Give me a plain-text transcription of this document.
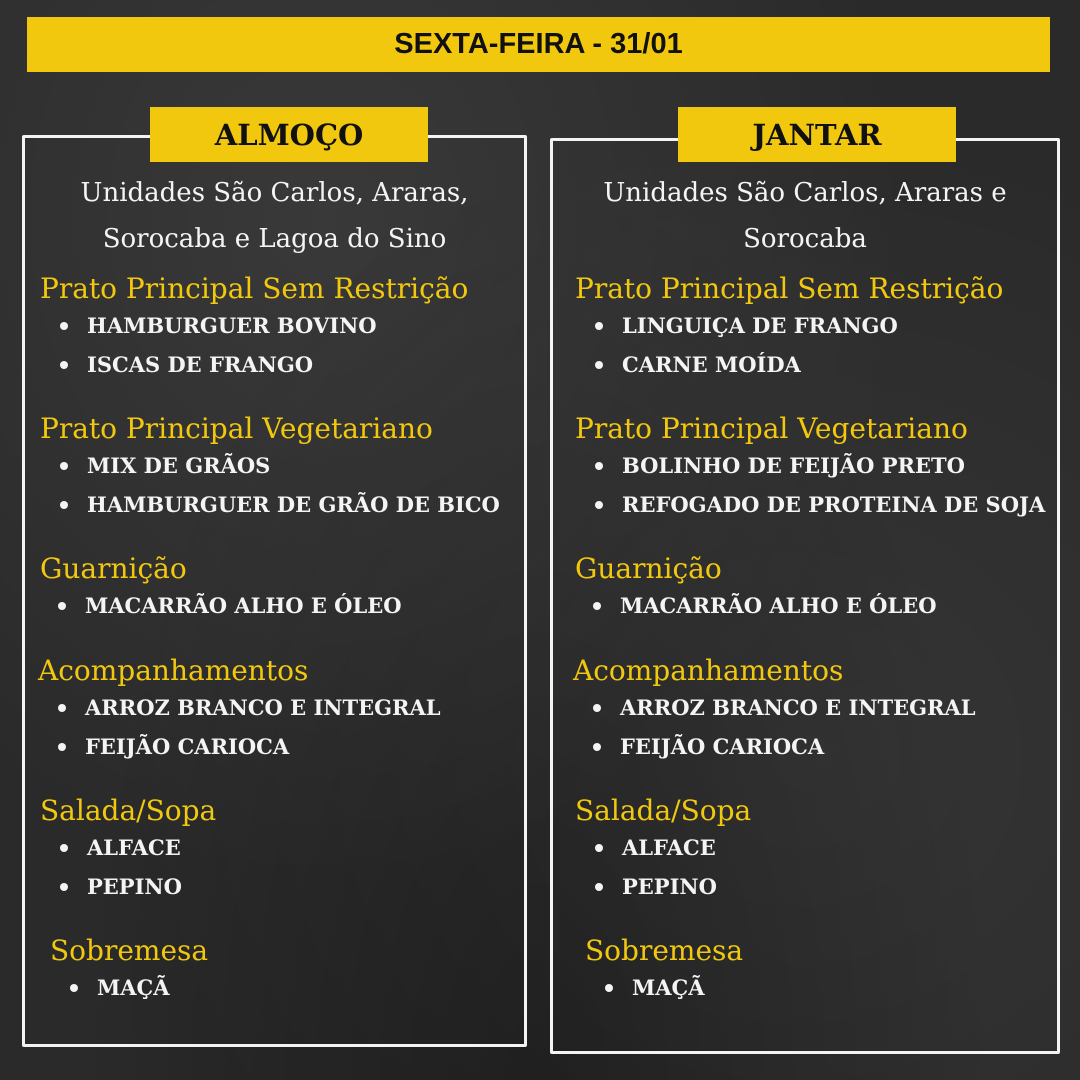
SEXTA-FEIRA - 31/01
ALMOÇO
Unidades São Carlos, Araras,
Sorocaba e Lagoa do Sino
Prato Principal Sem Restrição
HAMBURGUER BOVINO
ISCAS DE FRANGO
Prato Principal Vegetariano
MIX DE GRÃOS
HAMBURGUER DE GRÃO DE BICO
Guarnição
MACARRÃO ALHO E ÓLEO
Acompanhamentos
ARROZ BRANCO E INTEGRAL
FEIJÃO CARIOCA
Salada/Sopa
ALFACE
PEPINO
Sobremesa
MAÇÃ
JANTAR
Unidades São Carlos, Araras e
Sorocaba
Prato Principal Sem Restrição
LINGUIÇA DE FRANGO
CARNE MOÍDA
Prato Principal Vegetariano
BOLINHO DE FEIJÃO PRETO
REFOGADO DE PROTEINA DE SOJA
Guarnição
MACARRÃO ALHO E ÓLEO
Acompanhamentos
ARROZ BRANCO E INTEGRAL
FEIJÃO CARIOCA
Salada/Sopa
ALFACE
PEPINO
Sobremesa
MAÇÃ
